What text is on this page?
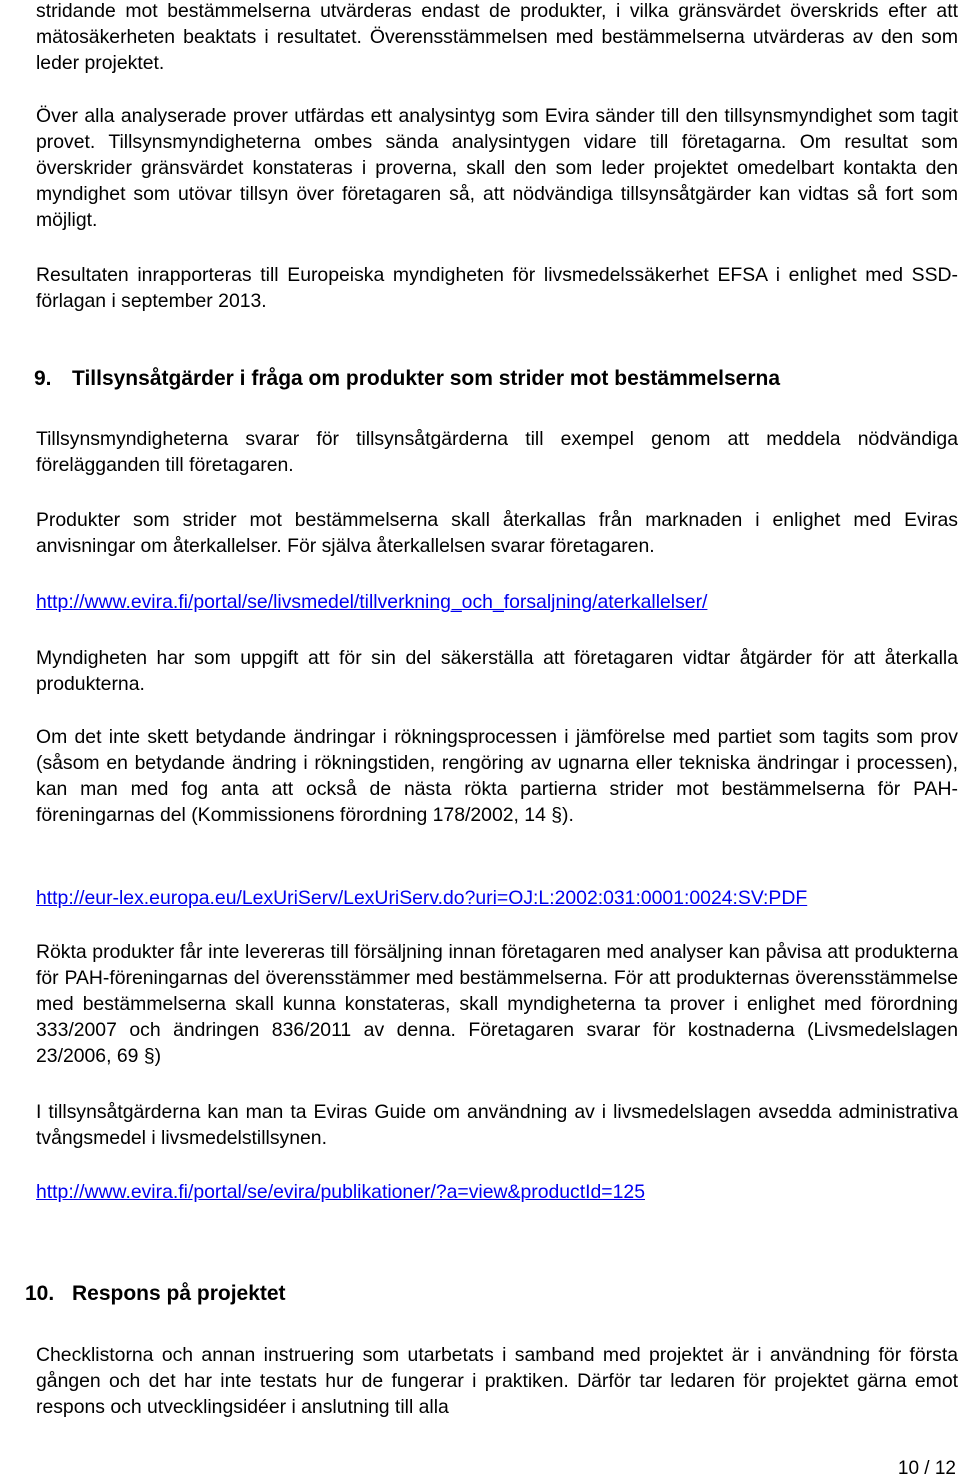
stridande mot bestämmelserna utvärderas endast de produkter, i vilka gränsvärdet överskrids efter att mätosäkerheten beaktats i resultatet. Överensstämmelsen med bestämmelserna utvärderas av den som leder projektet.

Över alla analyserade prover utfärdas ett analysintyg som Evira sänder till den tillsynsmyndighet som tagit provet. Tillsynsmyndigheterna ombes sända analysintygen vidare till företagarna. Om resultat som överskrider gränsvärdet konstateras i proverna, skall den som leder projektet omedelbart kontakta den myndighet som utövar tillsyn över företagaren så, att nödvändiga tillsynsåtgärder kan vidtas så fort som möjligt.

Resultaten inrapporteras till Europeiska myndigheten för livsmedelssäkerhet EFSA i enlighet med SSD-förlagan i september 2013.

9. Tillsynsåtgärder i fråga om produkter som strider mot bestämmelserna

Tillsynsmyndigheterna svarar för tillsynsåtgärderna till exempel genom att meddela nödvändiga förelägganden till företagaren.

Produkter som strider mot bestämmelserna skall återkallas från marknaden i enlighet med Eviras anvisningar om återkallelser. För själva återkallelsen svarar företagaren.

http://www.evira.fi/portal/se/livsmedel/tillverkning_och_forsaljning/aterkallelser/

Myndigheten har som uppgift att för sin del säkerställa att företagaren vidtar åtgärder för att återkalla produkterna.

Om det inte skett betydande ändringar i rökningsprocessen i jämförelse med partiet som tagits som prov (såsom en betydande ändring i rökningstiden, rengöring av ugnarna eller tekniska ändringar i processen), kan man med fog anta att också de nästa rökta partierna strider mot bestämmelserna för PAH-föreningarnas del (Kommissionens förordning 178/2002, 14 §).

http://eur-lex.europa.eu/LexUriServ/LexUriServ.do?uri=OJ:L:2002:031:0001:0024:SV:PDF

Rökta produkter får inte levereras till försäljning innan företagaren med analyser kan påvisa att produkterna för PAH-föreningarnas del överensstämmer med bestämmelserna. För att produkternas överensstämmelse med bestämmelserna skall kunna konstateras, skall myndigheterna ta prover i enlighet med förordning 333/2007 och ändringen 836/2011 av denna. Företagaren svarar för kostnaderna (Livsmedelslagen 23/2006, 69 §)

I tillsynsåtgärderna kan man ta Eviras Guide om användning av i livsmedelslagen avsedda administrativa tvångsmedel i livsmedelstillsynen.

http://www.evira.fi/portal/se/evira/publikationer/?a=view&productId=125
10. Respons på projektet

Checklistorna och annan instruering som utarbetats i samband med projektet är i användning för första gången och det har inte testats hur de fungerar i praktiken. Därför tar ledaren för projektet gärna emot respons och utvecklingsidéer i anslutning till alla

10 / 12
